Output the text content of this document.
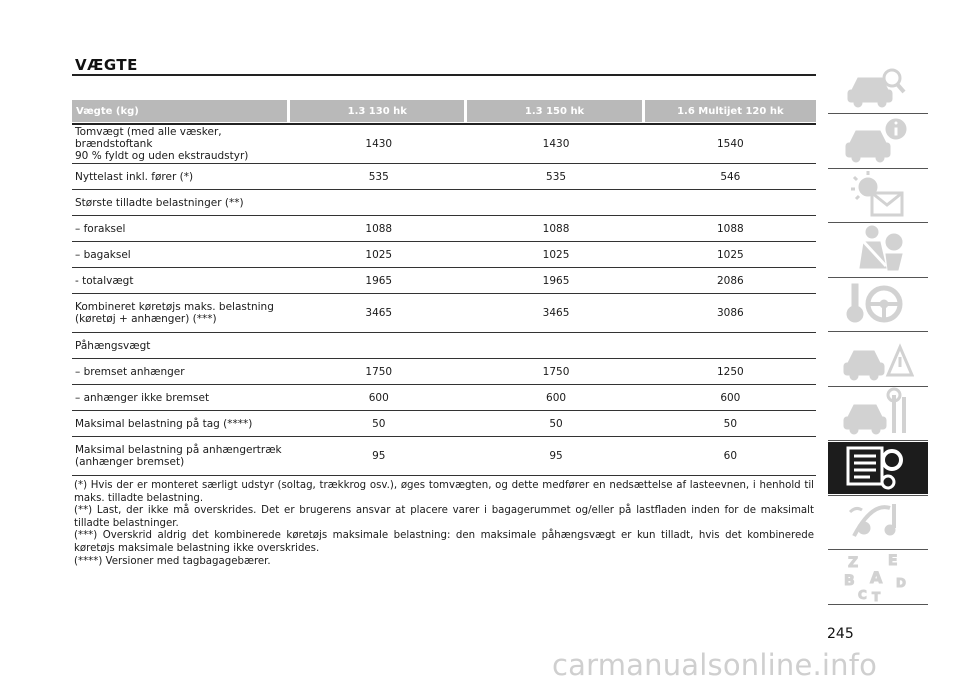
VÆGTE
Vægte (kg)	1.3 130 hk	1.3 150 hk	1.6 Multijet 120 hk
Tomvægt (med alle væsker, brændstoftank
90 % fyldt og uden ekstraudstyr)
1430	1430	1540
Nyttelast inkl. fører (*)	535	535	546
Største tilladte belastninger (**)
– foraksel	1088	1088	1088
– bagaksel	1025	1025	1025
- totalvægt	1965	1965	2086
Kombineret køretøjs maks. belastning
(køretøj + anhænger) (***)	3465	3465	3086
Påhængsvægt
– bremset anhænger	1750	1750	1250
– anhænger ikke bremset	600	600	600
Maksimal belastning på tag (****)	50	50	50
Maksimal belastning på anhængertræk
(anhænger bremset)	95	95	60

(*) Hvis der er monteret særligt udstyr (soltag, trækkrog osv.), øges tomvægten, og dette medfører en nedsættelse af lasteevnen, i henhold til maks. tilladte belastning.

(**) Last, der ikke må overskrides. Det er brugerens ansvar at placere varer i bagagerummet og/eller på lastfladen inden for de maksimalt tilladte belastninger.

(***) Overskrid aldrig det kombinerede køretøjs maksimale belastning: den maksimale påhængsvægt er kun tilladt, hvis det kombinerede køretøjs maksimale belastning ikke overskrides.

(****) Versioner med tagbagagebærer.	Z E
B A D
C T
245
carmanualsonline.info
